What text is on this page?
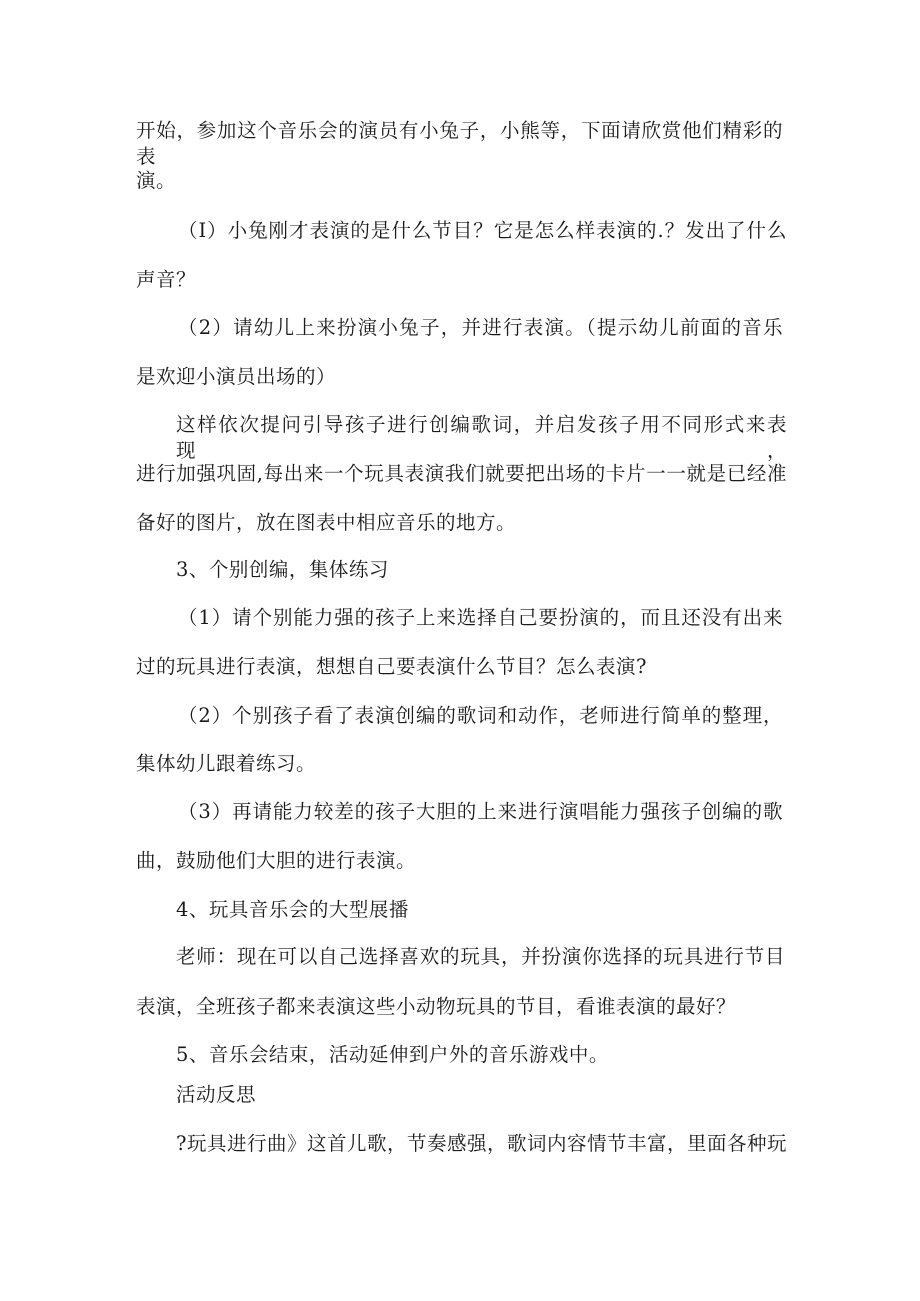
开始，参加这个音乐会的演员有小兔子，小熊等，下面请欣赏他们精彩的表
演。
（I）小兔刚才表演的是什么节目？它是怎么样表演的.？发出了什么
声音？
（2）请幼儿上来扮演小兔子，并进行表演。（提示幼儿前面的音乐
是欢迎小演员出场的）
这样依次提问引导孩子进行创编歌词，并启发孩子用不同形式来表现，
进行加强巩固,每出来一个玩具表演我们就要把出场的卡片一一就是已经准
备好的图片，放在图表中相应音乐的地方。
3、个别创编，集体练习
（1）请个别能力强的孩子上来选择自己要扮演的，而且还没有出来
过的玩具进行表演，想想自己要表演什么节目？怎么表演?
（2）个别孩子看了表演创编的歌词和动作，老师进行简单的整理，
集体幼儿跟着练习。
（3）再请能力较差的孩子大胆的上来进行演唱能力强孩子创编的歌
曲，鼓励他们大胆的进行表演。
4、玩具音乐会的大型展播
老师：现在可以自己选择喜欢的玩具，并扮演你选择的玩具进行节目
表演，全班孩子都来表演这些小动物玩具的节目，看谁表演的最好？
5、音乐会结束，活动延伸到户外的音乐游戏中。
活动反思
?玩具进行曲》这首儿歌，节奏感强，歌词内容情节丰富，里面各种玩
